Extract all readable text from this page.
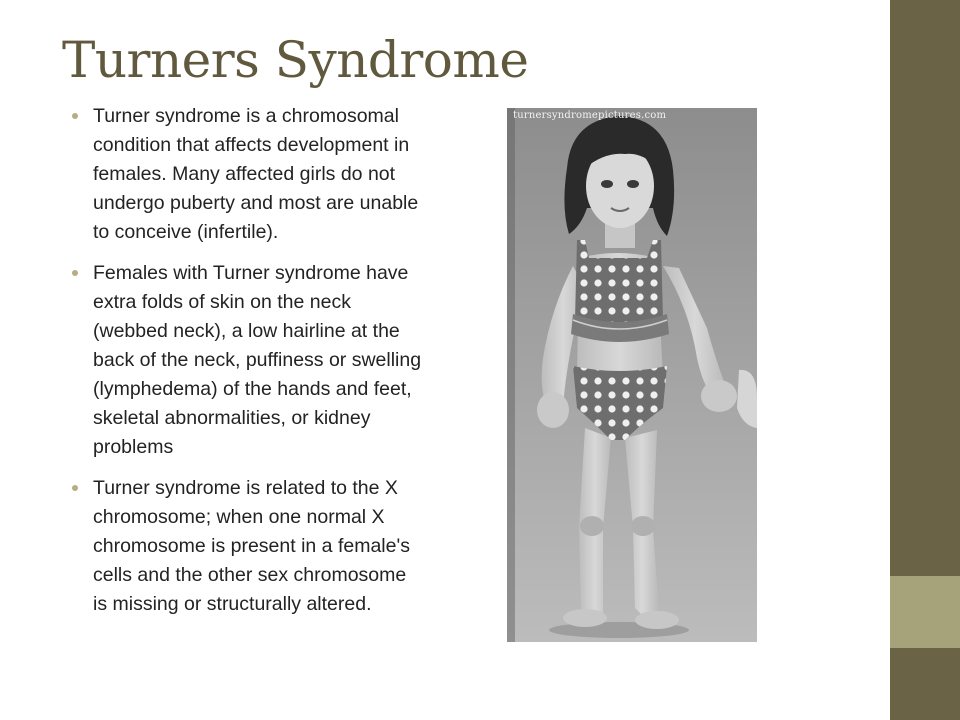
Turners Syndrome
Turner syndrome is a chromosomal condition that affects development in females. Many affected girls do not undergo puberty and most are unable to conceive (infertile).
Females with Turner syndrome have extra folds of skin on the neck (webbed neck), a low hairline at the back of the neck, puffiness or swelling (lymphedema) of the hands and feet, skeletal abnormalities, or kidney problems
Turner syndrome is related to the X chromosome; when one normal X chromosome is present in a female's cells and the other sex chromosome is missing or structurally altered.
turnersyndromepictures.com
